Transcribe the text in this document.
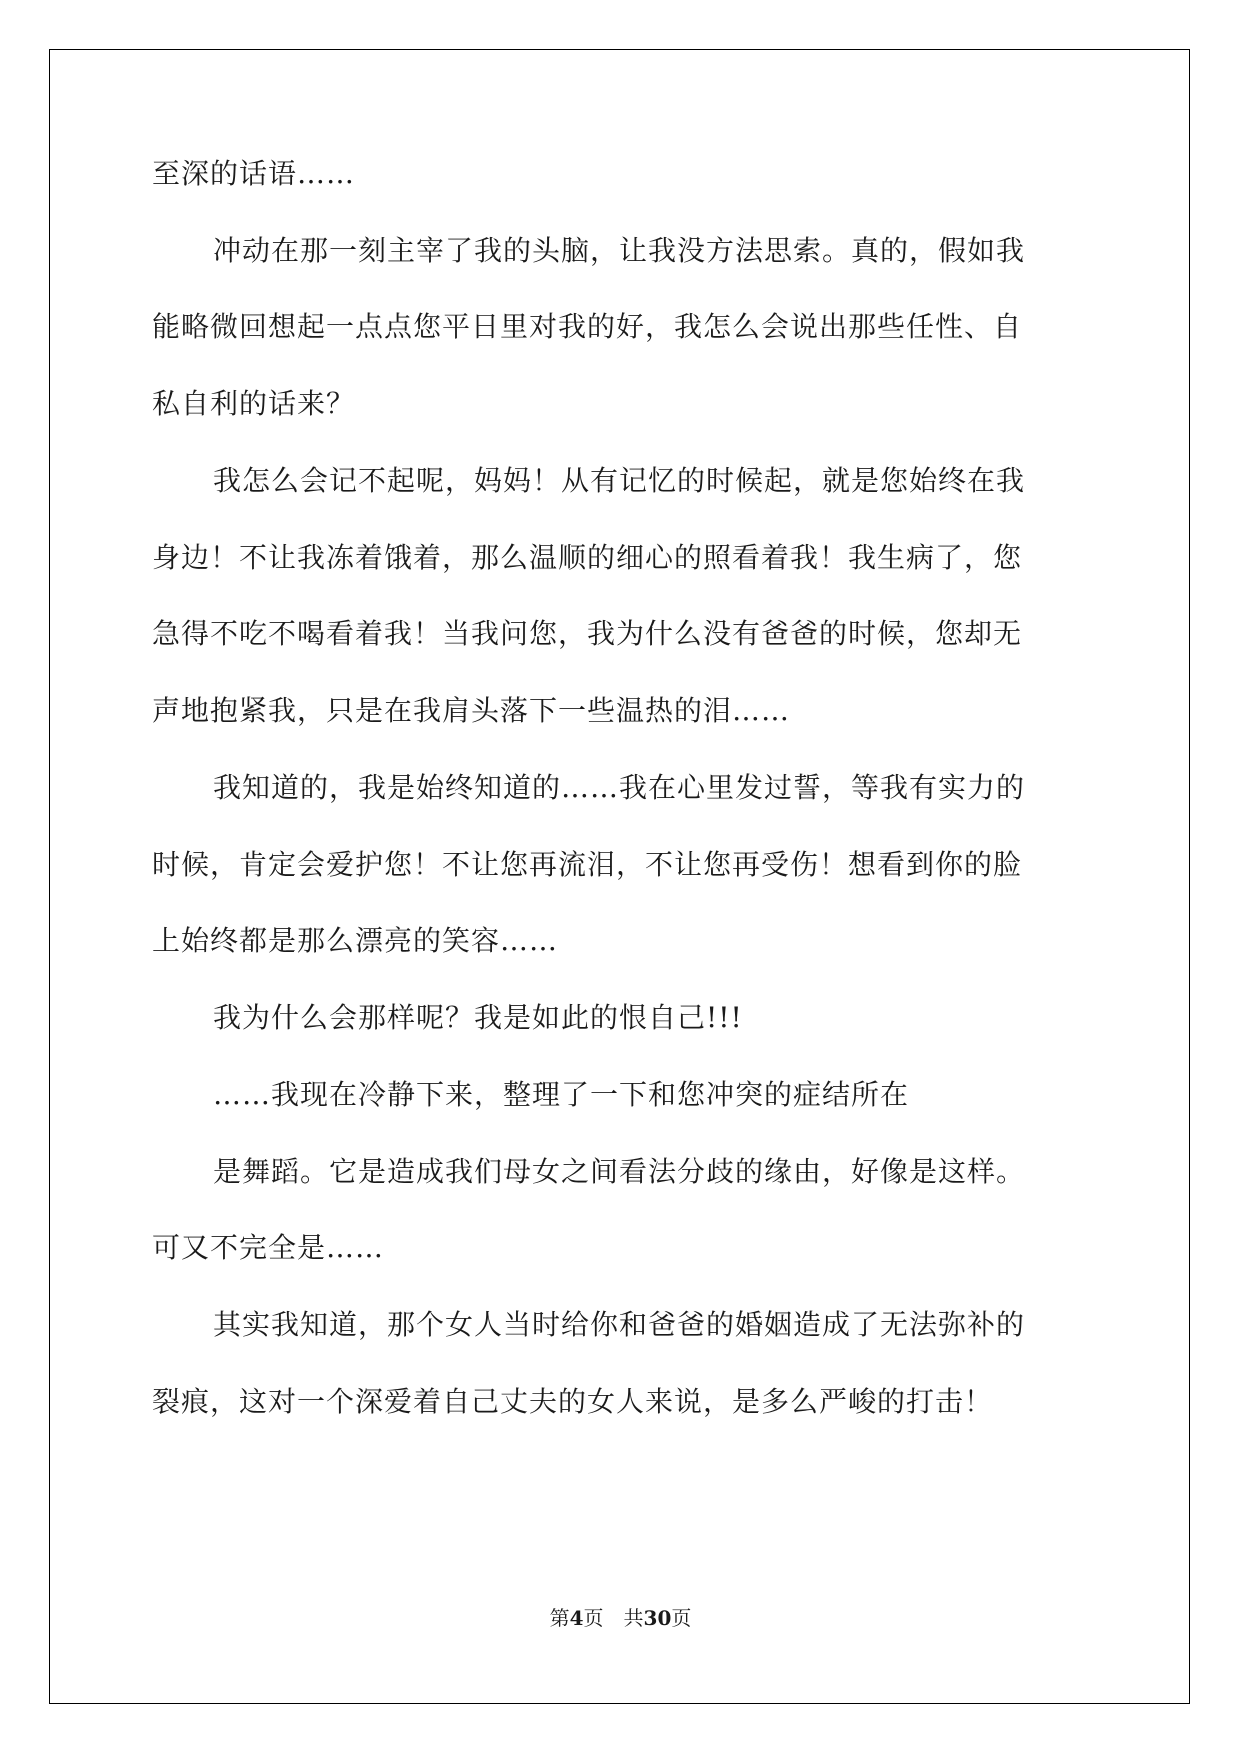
至深的话语……
冲动在那一刻主宰了我的头脑，让我没方法思索。真的，假如我
能略微回想起一点点您平日里对我的好，我怎么会说出那些任性、自
私自利的话来？
我怎么会记不起呢，妈妈！从有记忆的时候起，就是您始终在我
身边！不让我冻着饿着，那么温顺的细心的照看着我！我生病了，您
急得不吃不喝看着我！当我问您，我为什么没有爸爸的时候，您却无
声地抱紧我，只是在我肩头落下一些温热的泪……
我知道的，我是始终知道的……我在心里发过誓，等我有实力的
时候，肯定会爱护您！不让您再流泪，不让您再受伤！想看到你的脸
上始终都是那么漂亮的笑容……
我为什么会那样呢？我是如此的恨自己!!!
……我现在冷静下来，整理了一下和您冲突的症结所在
是舞蹈。它是造成我们母女之间看法分歧的缘由，好像是这样。
可又不完全是……
其实我知道，那个女人当时给你和爸爸的婚姻造成了无法弥补的
裂痕，这对一个深爱着自己丈夫的女人来说，是多么严峻的打击！
第4页　共30页
